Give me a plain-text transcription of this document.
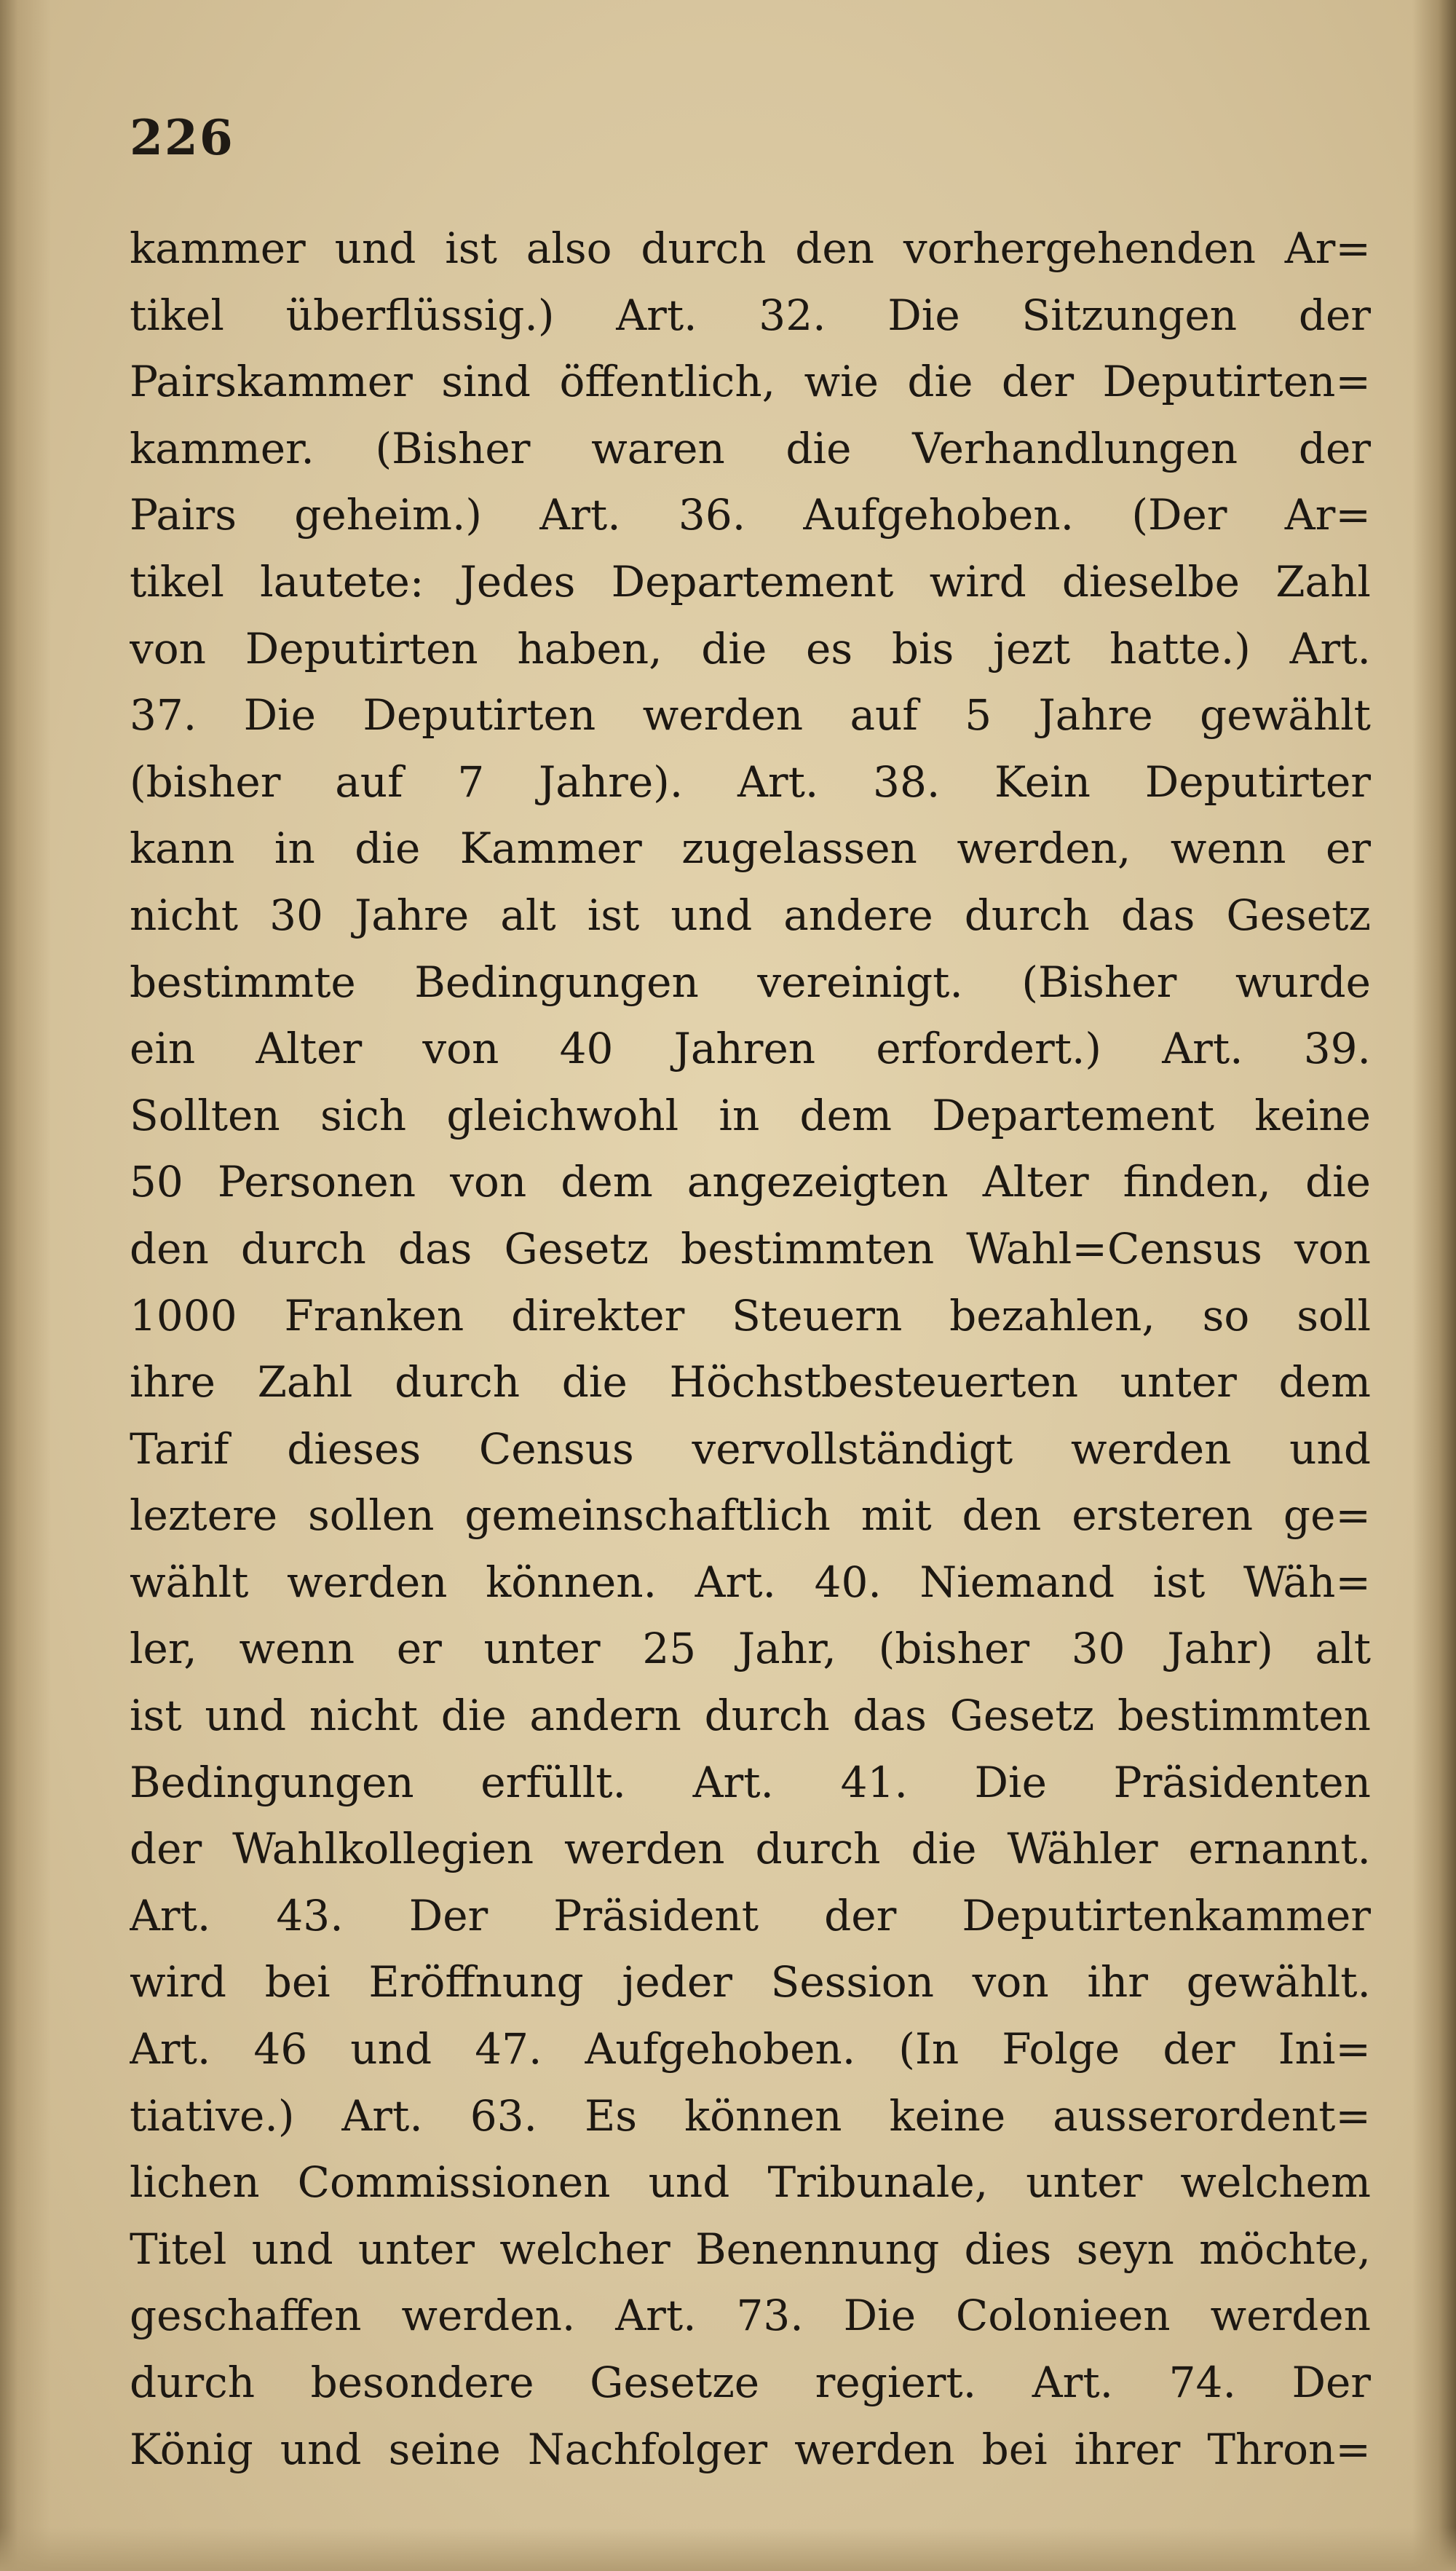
226
kammer und ist also durch den vorhergehenden Ar=
tikel überflüssig.) Art. 32. Die Sitzungen der
Pairskammer sind öffentlich, wie die der Deputirten=
kammer. (Bisher waren die Verhandlungen der
Pairs geheim.) Art. 36. Aufgehoben. (Der Ar=
tikel lautete: Jedes Departement wird dieselbe Zahl
von Deputirten haben, die es bis jezt hatte.) Art.
37. Die Deputirten werden auf 5 Jahre gewählt
(bisher auf 7 Jahre). Art. 38. Kein Deputirter
kann in die Kammer zugelassen werden, wenn er
nicht 30 Jahre alt ist und andere durch das Gesetz
bestimmte Bedingungen vereinigt. (Bisher wurde
ein Alter von 40 Jahren erfordert.) Art. 39.
Sollten sich gleichwohl in dem Departement keine
50 Personen von dem angezeigten Alter finden, die
den durch das Gesetz bestimmten Wahl=Census von
1000 Franken direkter Steuern bezahlen, so soll
ihre Zahl durch die Höchstbesteuerten unter dem
Tarif dieses Census vervollständigt werden und
leztere sollen gemeinschaftlich mit den ersteren ge=
wählt werden können. Art. 40. Niemand ist Wäh=
ler, wenn er unter 25 Jahr, (bisher 30 Jahr) alt
ist und nicht die andern durch das Gesetz bestimmten
Bedingungen erfüllt. Art. 41. Die Präsidenten
der Wahlkollegien werden durch die Wähler ernannt.
Art. 43. Der Präsident der Deputirtenkammer
wird bei Eröffnung jeder Session von ihr gewählt.
Art. 46 und 47. Aufgehoben. (In Folge der Ini=
tiative.) Art. 63. Es können keine ausserordent=
lichen Commissionen und Tribunale, unter welchem
Titel und unter welcher Benennung dies seyn möchte,
geschaffen werden. Art. 73. Die Colonieen werden
durch besondere Gesetze regiert. Art. 74. Der
König und seine Nachfolger werden bei ihrer Thron=
